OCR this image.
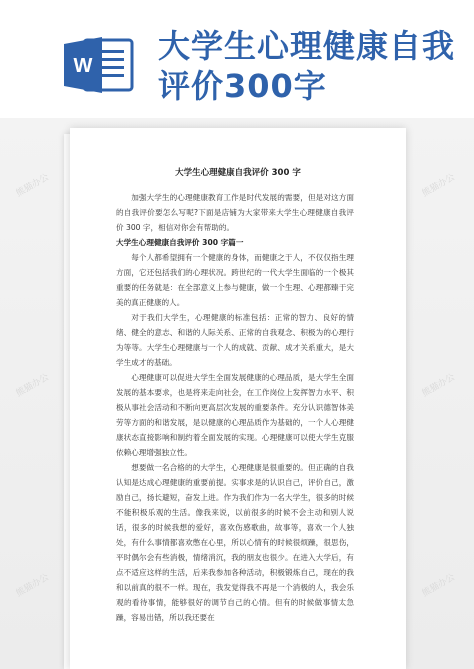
W
大学生心理健康自我评价300字
熊猫办公
熊猫办公
熊猫办公
熊猫办公
熊猫办公
熊猫办公
大学生心理健康自我评价 300 字

加强大学生的心理健康教育工作是时代发展的需要，但是对这方面的自我评价要怎么写呢?下面是店铺为大家带来大学生心理健康自我评价 300 字，相信对你会有帮助的。

大学生心理健康自我评价 300 字篇一

每个人都希望拥有一个健康的身体，而健康之于人，不仅仅指生理方面，它还包括我们的心理状况。跨世纪的一代大学生面临的一个极其重要的任务就是：在全部意义上参与健康，做一个生理、心理都臻于完美的真正健康的人。

对于我们大学生，心理健康的标准包括：正常的智力、良好的情绪、健全的意志、和谐的人际关系、正常的自我观念、积极为的心理行为等等。大学生心理健康与一个人的成就、贡献、成才关系重大，是大学生成才的基础。

心理健康可以促进大学生全面发展健康的心理品质，是大学生全面发展的基本要求，也是将来走向社会，在工作岗位上发挥智力水平、积极从事社会活动和不断向更高层次发展的重要条件。充分认识德智体美劳等方面的和谐发展，是以健康的心理品质作为基础的，一个人心理健康状态直接影响和制约着全面发展的实现。心理健康可以使大学生克服依赖心理增强独立性。

想要做一名合格的的大学生，心理健康是很重要的。但正确的自我认知是达成心理健康的重要前提。实事求是的认识自己，评价自己，激励自己，扬长避短，奋发上进。作为我们作为一名大学生，很多的时候不能积极乐观的生活。像我来说，以前很多的时候不会主动和别人说话，很多的时候我想的爱好，喜欢伤感歌曲，故事等，喜欢一个人独处，有什么事情都喜欢憋在心里，所以心情有的时候很烦躁，很思伤，平时偶尔会有些消极，情绪消沉，我的朋友也很少。在进入大学后，有点不适应这样的生活，后来我参加各种活动，积极锻炼自己，现在的我和以前真的很不一样。现在，我发觉得我不再是一个消极的人，我会乐观的看待事情，能够很好的调节自己的心情。但有的时候做事情太急躁，容易出错，所以我还要在
